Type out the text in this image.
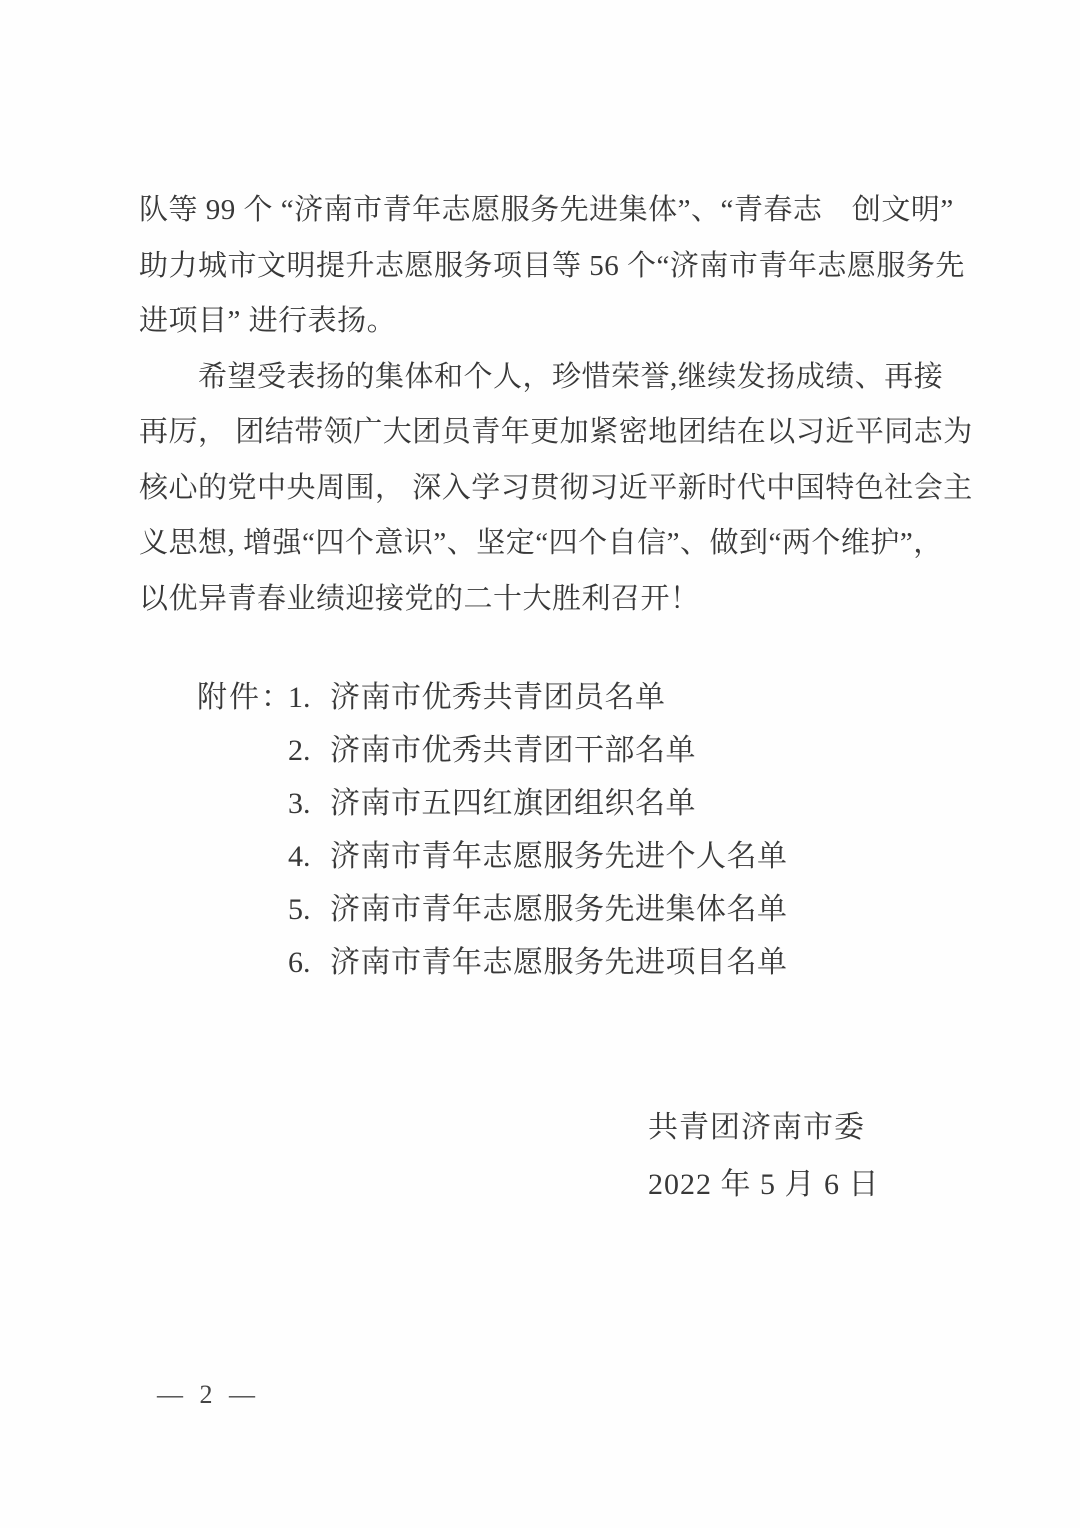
队等 99 个 “济南市青年志愿服务先进集体”、“青春志　创文明”

助力城市文明提升志愿服务项目等 56 个“济南市青年志愿服务先

进项目” 进行表扬。

希望受表扬的集体和个人，珍惜荣誉,继续发扬成绩、再接

再厉， 团结带领广大团员青年更加紧密地团结在以习近平同志为

核心的党中央周围， 深入学习贯彻习近平新时代中国特色社会主

义思想, 增强“四个意识”、坚定“四个自信”、做到“两个维护”，

以优异青春业绩迎接党的二十大胜利召开！

附件：
1. 济南市优秀共青团员名单
2. 济南市优秀共青团干部名单
3. 济南市五四红旗团组织名单
4. 济南市青年志愿服务先进个人名单
5. 济南市青年志愿服务先进集体名单
6. 济南市青年志愿服务先进项目名单

共青团济南市委

2022 年 5 月 6 日

— 2 —
